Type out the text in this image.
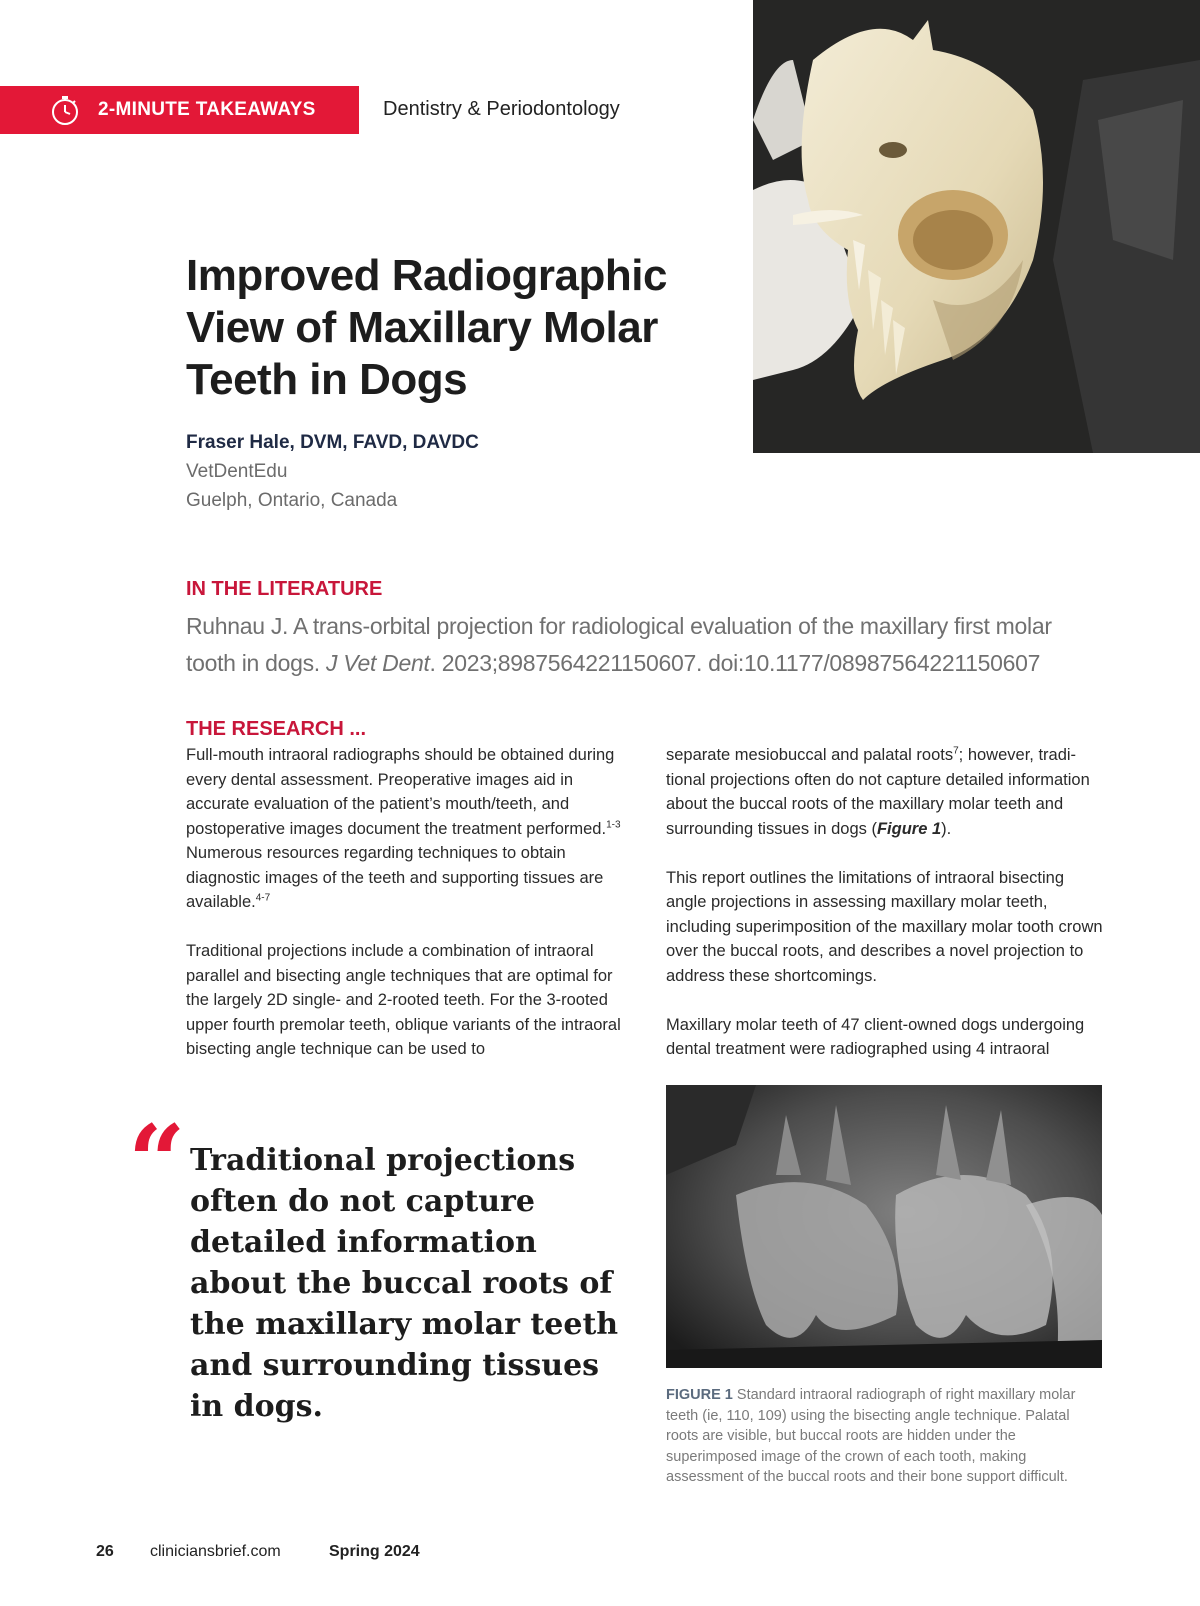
2-MINUTE TAKEAWAYS	Dentistry & Periodontology
Improved Radiographic View of Maxillary Molar Teeth in Dogs
Fraser Hale, DVM, FAVD, DAVDC
VetDentEdu
Guelph, Ontario, Canada
IN THE LITERATURE
Ruhnau J. A trans-orbital projection for radiological evaluation of the maxillary first molar tooth in dogs. J Vet Dent. 2023;8987564221150607. doi:10.1177/08987564221150607
THE RESEARCH ...

Full-mouth intraoral radiographs should be obtained during every dental assessment. Preoperative images aid in accurate evaluation of the patient’s mouth/teeth, and postoperative images document the treatment performed.$^{1-3}$ Numerous resources regarding techniques to obtain diagnostic images of the teeth and supporting tissues are available.$^{4-7}$

Traditional projections include a combination of intraoral parallel and bisecting angle techniques that are optimal for the largely 2D single- and 2-rooted teeth. For the 3-rooted upper fourth premolar teeth, oblique variants of the intraoral bisecting angle technique can be used to

separate mesiobuccal and palatal roots$^7$; however, traditional projections often do not capture detailed information about the buccal roots of the maxillary molar teeth and surrounding tissues in dogs (Figure 1).

This report outlines the limitations of intraoral bisecting angle projections in assessing maxillary molar teeth, including superimposition of the maxillary molar tooth crown over the buccal roots, and describes a novel projection to address these shortcomings.

Maxillary molar teeth of 47 client-owned dogs undergoing dental treatment were radiographed using 4 intraoral

“ Traditional projections often do not capture detailed information about the buccal roots of the maxillary molar teeth and surrounding tissues in dogs.	FIGURE 1 Standard intraoral radiograph of right maxillary molar teeth (ie, 110, 109) using the bisecting angle technique. Palatal roots are visible, but buccal roots are hidden under the superimposed image of the crown of each tooth, making assessment of the buccal roots and their bone support difficult.
26 cliniciansbrief.com	Spring 2024
